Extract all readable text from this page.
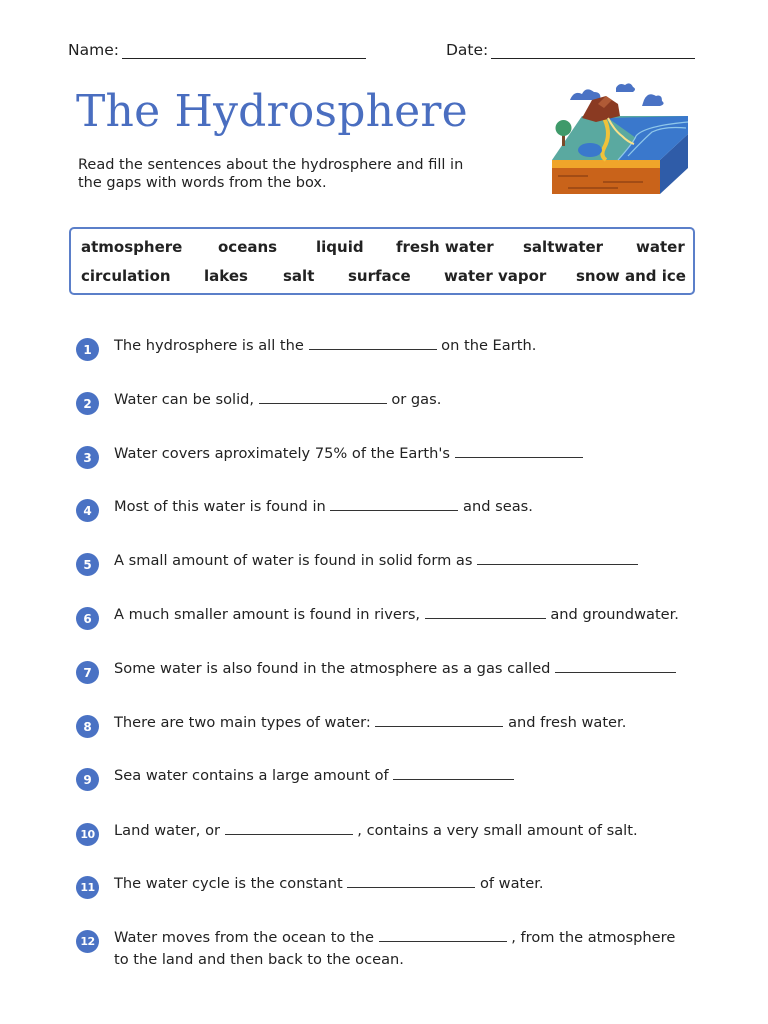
Name:	Date:
The Hydrosphere

Read the sentences about the hydrosphere and fill in the gaps with words from the box.

atmosphere oceans	liquid fresh water saltwater water
circulation lakes salt surface water vapor snow and ice
1	The hydrosphere is all the	on the Earth.
2	Water can be solid,	or gas.
3	Water covers aproximately 75% of the Earth's
4	Most of this water is found in	and seas.
5	A small amount of water is found in solid form as
6	A much smaller amount is found in rivers,	and groundwater.
7	Some water is also found in the atmosphere as a gas called
8	There are two main types of water:	and fresh water.
9	Sea water contains a large amount of
10 Land water, or	, contains a very small amount of salt.
11 The water cycle is the constant	of water.
12 Water moves from the ocean to the	, from the atmosphere
to the land and then back to the ocean.
